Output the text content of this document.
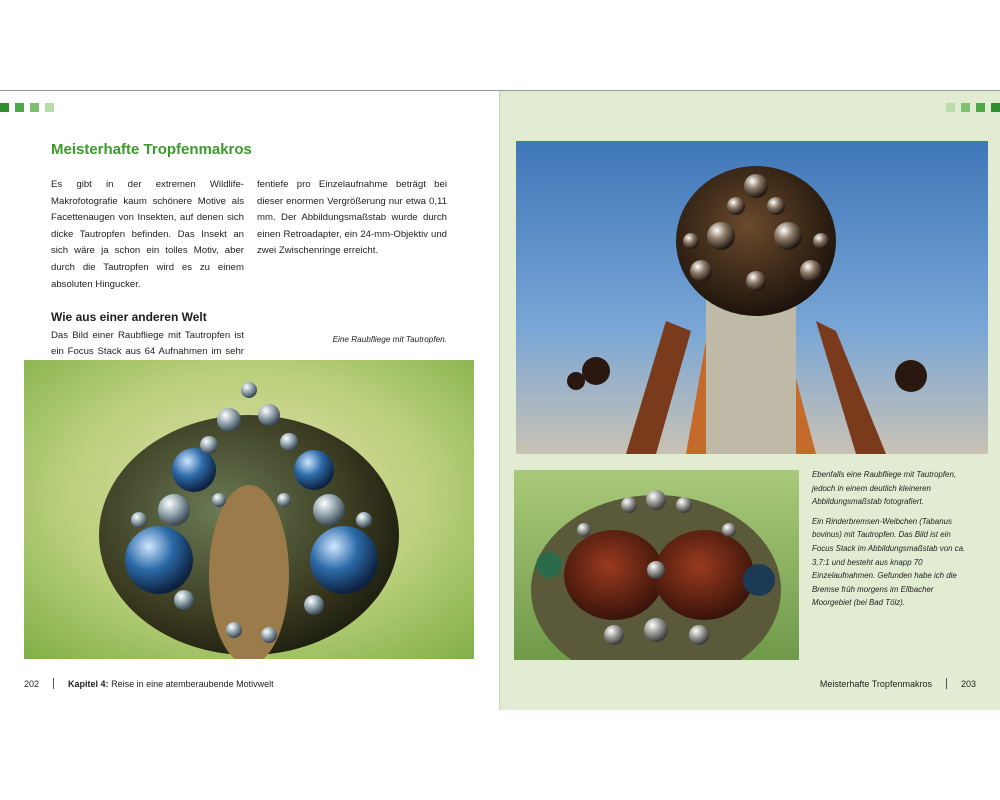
Meisterhafte Tropfenmakros

Es gibt in der extremen Wildlife-Makrofotografie kaum schönere Motive als Facettenaugen von Insekten, auf denen sich dicke Tautropfen befinden. Das Insekt an sich wäre ja schon ein tolles Motiv, aber durch die Tautropfen wird es zu einem absoluten Hingucker.

Wie aus einer anderen Welt

Das Bild einer Raubfliege mit Tautropfen ist ein Focus Stack aus 64 Aufnahmen im sehr

fentiefe pro Einzelaufnahme beträgt bei dieser enormen Vergrößerung nur etwa 0,11 mm. Der Abbildungsmaßstab wurde durch einen Retroadapter, ein 24-mm-Objektiv und zwei Zwischenringe erreicht.

Eine Raubfliege mit Tautropfen.
202	Kapitel 4:
Reise in eine atemberaubende Motivwelt

Ebenfalls eine Raubfliege mit Tautropfen, jedoch in einem deutlich kleineren Abbildungsmaßstab fotografiert.

Ein Rinderbremsen-Weibchen (Tabanus bovinus) mit Tautropfen. Das Bild ist ein Focus Stack im Abbildungsmaßstab von ca. 3,7:1 und besteht aus knapp 70 Einzelaufnahmen. Gefunden habe ich die Bremse früh morgens im Ellbacher Moorgebiet (bei Bad Tölz).

Meisterhafte Tropfenmakros	203
